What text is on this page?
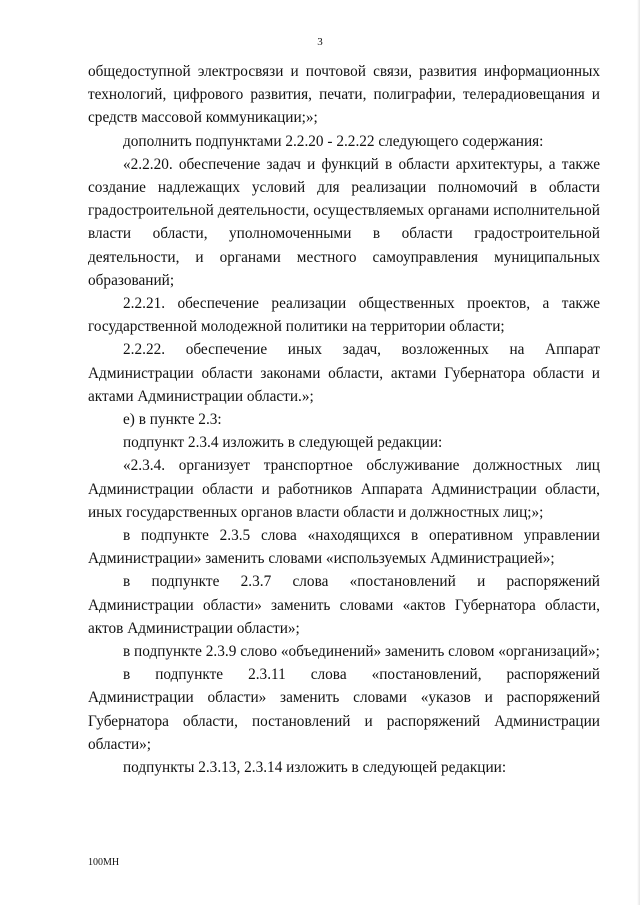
3

общедоступной электросвязи и почтовой связи, развития информационных технологий, цифрового развития, печати, полиграфии, телерадиовещания и средств массовой коммуникации;»;

дополнить подпунктами 2.2.20 - 2.2.22 следующего содержания:

«2.2.20. обеспечение задач и функций в области архитектуры, а также создание надлежащих условий для реализации полномочий в области градостроительной деятельности, осуществляемых органами исполнительной власти области, уполномоченными в области градостроительной деятельности, и органами местного самоуправления муниципальных образований;

2.2.21. обеспечение реализации общественных проектов, а также государственной молодежной политики на территории области;

2.2.22. обеспечение иных задач, возложенных на Аппарат Администрации области законами области, актами Губернатора области и актами Администрации области.»;

е) в пункте 2.3:

подпункт 2.3.4 изложить в следующей редакции:

«2.3.4. организует транспортное обслуживание должностных лиц Администрации области и работников Аппарата Администрации области, иных государственных органов власти области и должностных лиц;»;

в подпункте 2.3.5 слова «находящихся в оперативном управлении Администрации» заменить словами «используемых Администрацией»;

в подпункте 2.3.7 слова «постановлений и распоряжений Администрации области» заменить словами «актов Губернатора области, актов Администрации области»;

в подпункте 2.3.9 слово «объединений» заменить словом «организаций»;

в подпункте 2.3.11 слова «постановлений, распоряжений Администрации области» заменить словами «указов и распоряжений Губернатора области, постановлений и распоряжений Администрации области»;

подпункты 2.3.13, 2.3.14 изложить в следующей редакции:

100МН
